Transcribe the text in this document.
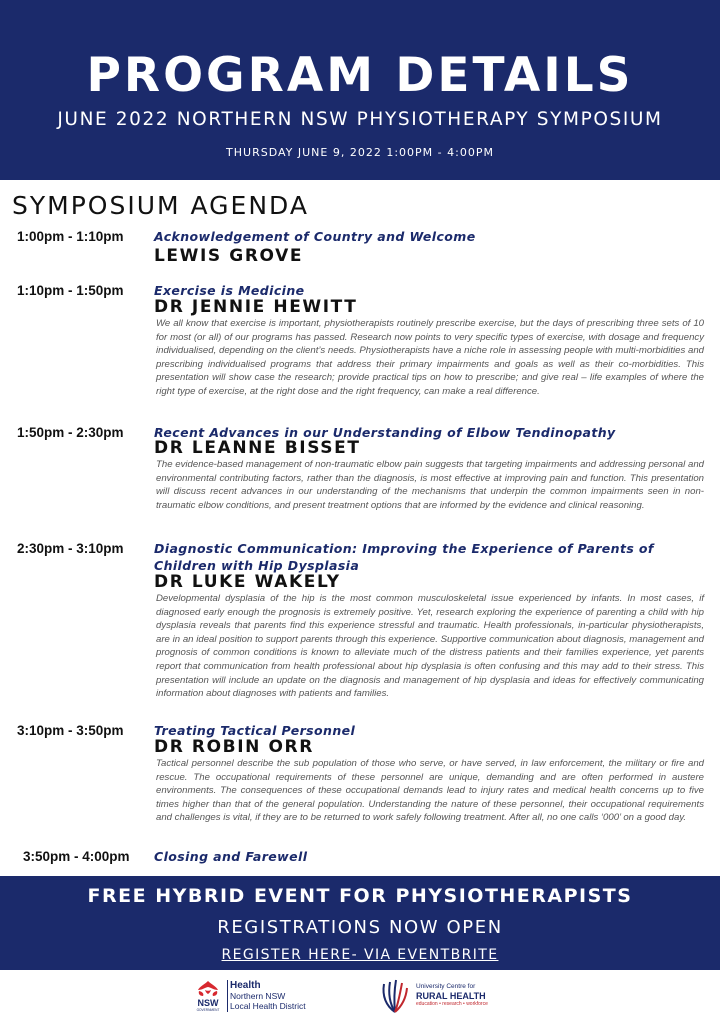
PROGRAM DETAILS
JUNE 2022 NORTHERN NSW PHYSIOTHERAPY SYMPOSIUM
THURSDAY JUNE 9, 2022 1:00PM - 4:00PM
SYMPOSIUM AGENDA
1:00pm - 1:10pm Acknowledgement of Country and Welcome
LEWIS GROVE
1:10pm - 1:50pm Exercise is Medicine
DR JENNIE HEWITT
We all know that exercise is important, physiotherapists routinely prescribe exercise, but the days of prescribing three sets of 10 for most (or all) of our programs has passed. Research now points to very specific types of exercise, with dosage and frequency individualised, depending on the client’s needs. Physiotherapists have a niche role in assessing people with multi-morbidities and prescribing individualised programs that address their primary impairments and goals as well as their co-morbidities. This presentation will show case the research; provide practical tips on how to prescribe; and give real – life examples of where the right type of exercise, at the right dose and the right frequency, can make a real difference.
1:50pm - 2:30pm Recent Advances in our Understanding of Elbow Tendinopathy
DR LEANNE BISSET
The evidence-based management of non-traumatic elbow pain suggests that targeting impairments and addressing personal and environmental contributing factors, rather than the diagnosis, is most effective at improving pain and function. This presentation will discuss recent advances in our understanding of the mechanisms that underpin the common impairments seen in non-traumatic elbow conditions, and present treatment options that are informed by the evidence and clinical reasoning.
2:30pm - 3:10pm Diagnostic Communication: Improving the Experience of Parents of Children with Hip Dysplasia
DR LUKE WAKELY
Developmental dysplasia of the hip is the most common musculoskeletal issue experienced by infants. In most cases, if diagnosed early enough the prognosis is extremely positive. Yet, research exploring the experience of parenting a child with hip dysplasia reveals that parents find this experience stressful and traumatic. Health professionals, in-particular physiotherapists, are in an ideal position to support parents through this experience. Supportive communication about diagnosis, management and prognosis of common conditions is known to alleviate much of the distress patients and their families experience, yet parents report that communication from health professional about hip dysplasia is often confusing and this may add to their stress. This presentation will include an update on the diagnosis and management of hip dysplasia and ideas for effectively communicating information about diagnoses with patients and families.
3:10pm - 3:50pm Treating Tactical Personnel
DR ROBIN ORR
Tactical personnel describe the sub population of those who serve, or have served, in law enforcement, the military or fire and rescue. The occupational requirements of these personnel are unique, demanding and are often performed in austere environments. The consequences of these occupational demands lead to injury rates and medical health concerns up to five times higher than that of the general population. Understanding the nature of these personnel, their occupational requirements and challenges is vital, if they are to be returned to work safely following treatment. After all, no one calls ‘000’ on a good day.
3:50pm - 4:00pm Closing and Farewell
FREE HYBRID EVENT FOR PHYSIOTHERAPISTS
REGISTRATIONS NOW OPEN
REGISTER HERE- VIA EVENTBRITE
NSW
GOVERNMENT
Health
Northern NSW
Local Health District
University Centre for
RURAL HEALTH
education • research • workforce
